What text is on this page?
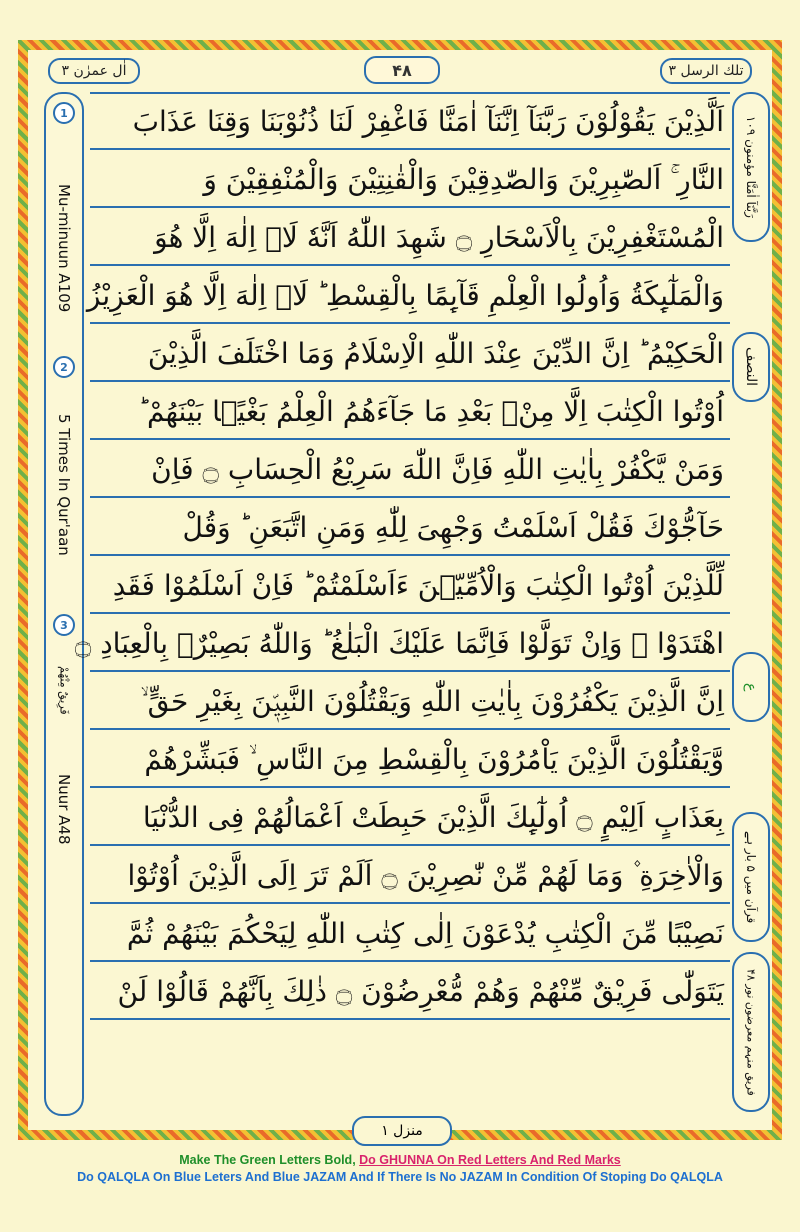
اٰل عمرٰن ۳	۴۸	تلك الرسل ۳
1
Mu-minuun A109
2
5 Times In Qur'aan
3
فَرِيقٌ مِنْهُمْ
Nuur A48
رَبَّنَآ اٰمَنَّا مؤمنون ۱۰۹
النصف
ع
قرآن میں ۵ بار ہے
فریق منہم معرضون نور ۴۸
اَلَّذِیْنَ یَقُوْلُوْنَ رَبَّنَآ اِنَّنَآ اٰمَنَّا فَاغْفِرْ لَنَا ذُنُوْبَنَا وَقِنَا عَذَابَ
النَّارِ ۚ اَلصّٰبِرِیْنَ وَالصّٰدِقِیْنَ وَالْقٰنِتِیْنَ وَالْمُنْفِقِیْنَ وَ
الْمُسْتَغْفِرِیْنَ بِالْاَسْحَارِ ۝ شَهِدَ اللّٰهُ اَنَّهٗ لَاۤ اِلٰهَ اِلَّا هُوَ
وَالْمَلٰٓىِٕكَةُ وَاُولُوا الْعِلْمِ قَآىِٕمًا بِالْقِسْطِ ؕ لَاۤ اِلٰهَ اِلَّا هُوَ الْعَزِیْزُ
الْحَكِیْمُ ؕ اِنَّ الدِّیْنَ عِنْدَ اللّٰهِ الْاِسْلَامُ وَمَا اخْتَلَفَ الَّذِیْنَ
اُوْتُوا الْكِتٰبَ اِلَّا مِنْۢ بَعْدِ مَا جَآءَهُمُ الْعِلْمُ بَغْیًۢا بَیْنَهُمْ ؕ
وَمَنْ یَّكْفُرْ بِاٰیٰتِ اللّٰهِ فَاِنَّ اللّٰهَ سَرِیْعُ الْحِسَابِ ۝ فَاِنْ
حَآجُّوْكَ فَقُلْ اَسْلَمْتُ وَجْهِیَ لِلّٰهِ وَمَنِ اتَّبَعَنِ ؕ وَقُلْ
لِّلَّذِیْنَ اُوْتُوا الْكِتٰبَ وَالْاُمِّیّٖنَ ءَاَسْلَمْتُمْ ؕ فَاِنْ اَسْلَمُوْا فَقَدِ
اهْتَدَوْا ۚ وَاِنْ تَوَلَّوْا فَاِنَّمَا عَلَیْكَ الْبَلٰغُ ؕ وَاللّٰهُ بَصِیْرٌۢ بِالْعِبَادِ ۝
اِنَّ الَّذِیْنَ یَكْفُرُوْنَ بِاٰیٰتِ اللّٰهِ وَیَقْتُلُوْنَ النَّبِیّٖنَ بِغَیْرِ حَقٍّ ۙ
وَّیَقْتُلُوْنَ الَّذِیْنَ یَاْمُرُوْنَ بِالْقِسْطِ مِنَ النَّاسِ ۙ فَبَشِّرْهُمْ
بِعَذَابٍ اَلِیْمٍ ۝ اُولٰٓىِٕكَ الَّذِیْنَ حَبِطَتْ اَعْمَالُهُمْ فِی الدُّنْیَا
وَالْاٰخِرَةِ ۫ وَمَا لَهُمْ مِّنْ نّٰصِرِیْنَ ۝ اَلَمْ تَرَ اِلَى الَّذِیْنَ اُوْتُوْا
نَصِیْبًا مِّنَ الْكِتٰبِ یُدْعَوْنَ اِلٰى كِتٰبِ اللّٰهِ لِیَحْكُمَ بَیْنَهُمْ ثُمَّ
یَتَوَلّٰى فَرِیْقٌ مِّنْهُمْ وَهُمْ مُّعْرِضُوْنَ ۝ ذٰلِكَ بِاَنَّهُمْ قَالُوْا لَنْ
منزل ۱
Make The Green Letters Bold, Do GHUNNA On Red Letters And Red Marks
Do QALQLA On Blue Leters And Blue JAZAM And If There Is No JAZAM In Condition Of Stoping Do QALQLA
